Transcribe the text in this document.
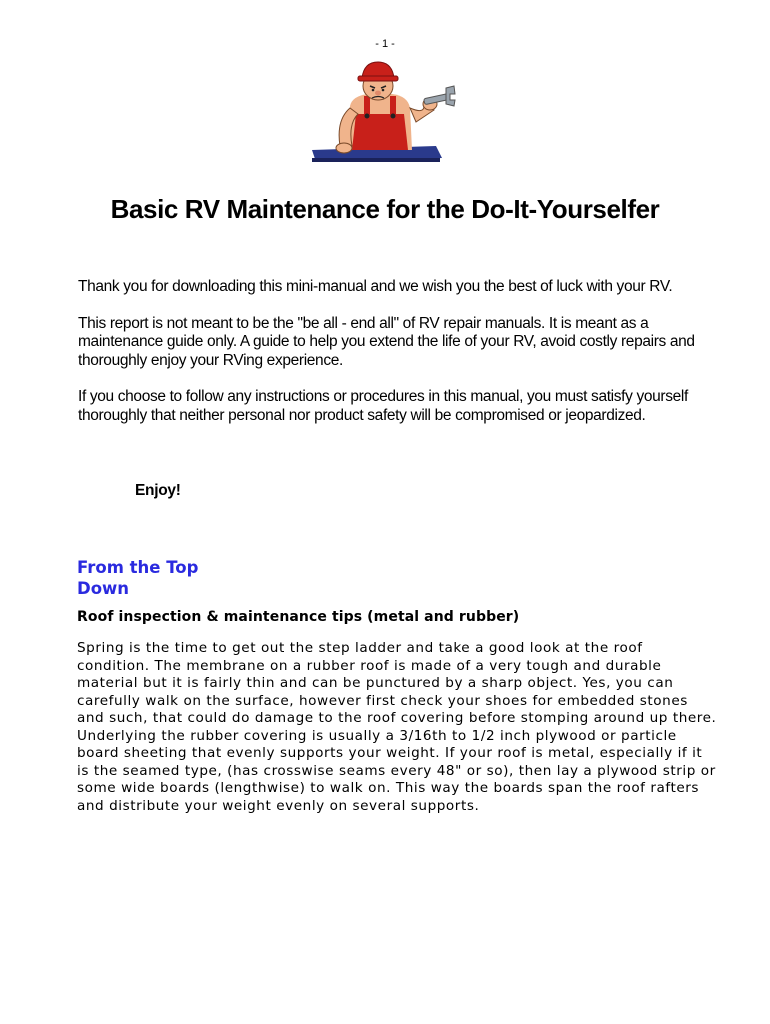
- 1 -
Basic RV Maintenance for the Do-It-Yourselfer

Thank you for downloading this mini-manual and we wish you the best of luck with your RV.

This report is not meant to be the "be all - end all" of RV repair manuals. It is meant as a maintenance guide only. A guide to help you extend the life of your RV, avoid costly repairs and thoroughly enjoy your RVing experience.

If you choose to follow any instructions or procedures in this manual, you must satisfy yourself thoroughly that neither personal nor product safety will be compromised or jeopardized.

Enjoy!
From the Top
Down
Roof inspection & maintenance tips (metal and rubber)

Spring is the time to get out the step ladder and take a good look at the roof condition. The membrane on a rubber roof is made of a very tough and durable material but it is fairly thin and can be punctured by a sharp object. Yes, you can carefully walk on the surface, however first check your shoes for embedded stones and such, that could do damage to the roof covering before stomping around up there. Underlying the rubber covering is usually a 3/16th to 1/2 inch plywood or particle board sheeting that evenly supports your weight. If your roof is metal, especially if it is the seamed type, (has crosswise seams every 48" or so), then lay a plywood strip or some wide boards (lengthwise) to walk on. This way the boards span the roof rafters and distribute your weight evenly on several supports.
